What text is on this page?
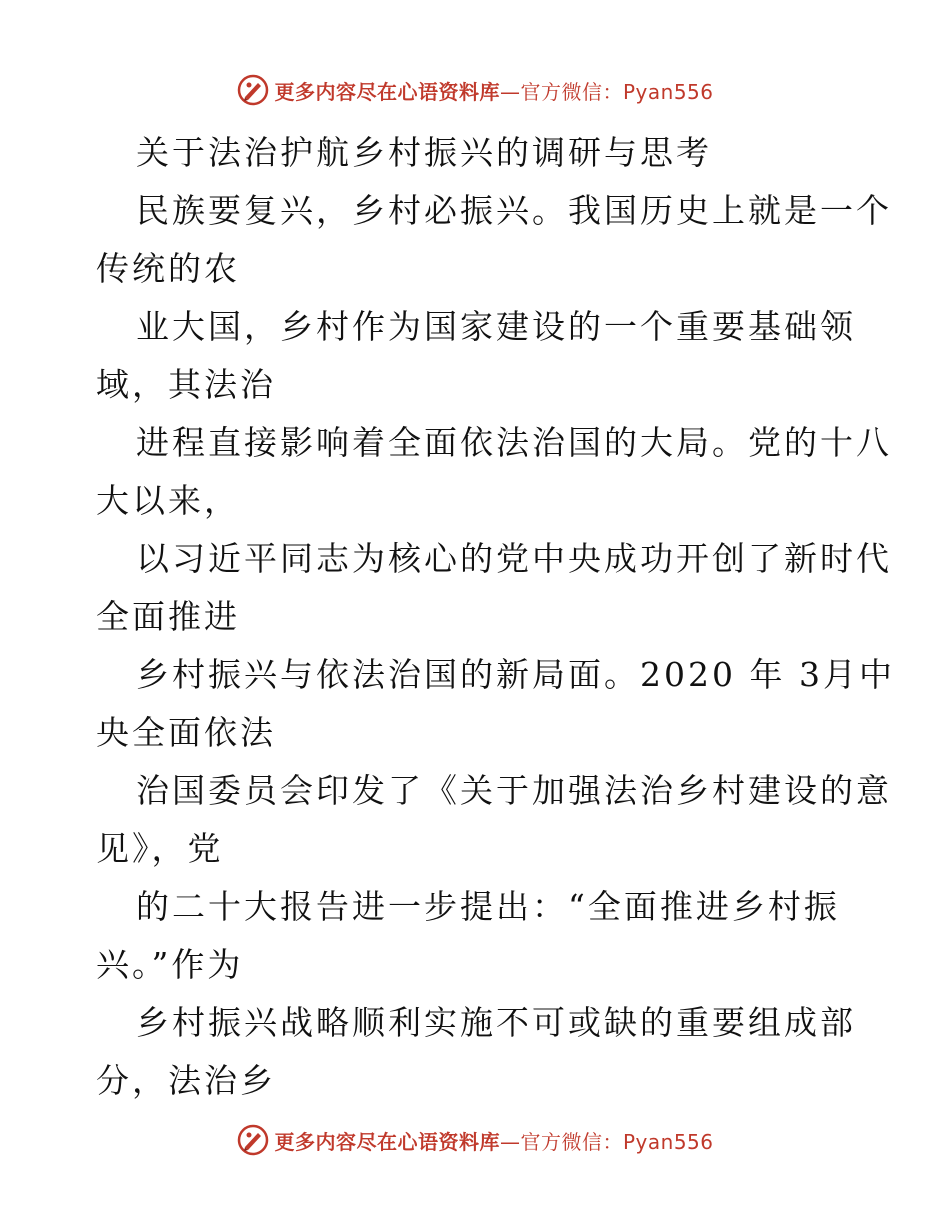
更多内容尽在心语资料库—官方微信：Pyan556
关于法治护航乡村振兴的调研与思考
民族要复兴，乡村必振兴。我国历史上就是一个
传统的农
业大国，乡村作为国家建设的一个重要基础领
域，其法治
进程直接影响着全面依法治国的大局。党的十八
大以来，
以习近平同志为核心的党中央成功开创了新时代
全面推进
乡村振兴与依法治国的新局面。2020 年 3月中
央全面依法
治国委员会印发了《关于加强法治乡村建设的意
见》，党
的二十大报告进一步提出：“全面推进乡村振
兴。”作为
乡村振兴战略顺利实施不可或缺的重要组成部
分，法治乡
更多内容尽在心语资料库—官方微信：Pyan556
